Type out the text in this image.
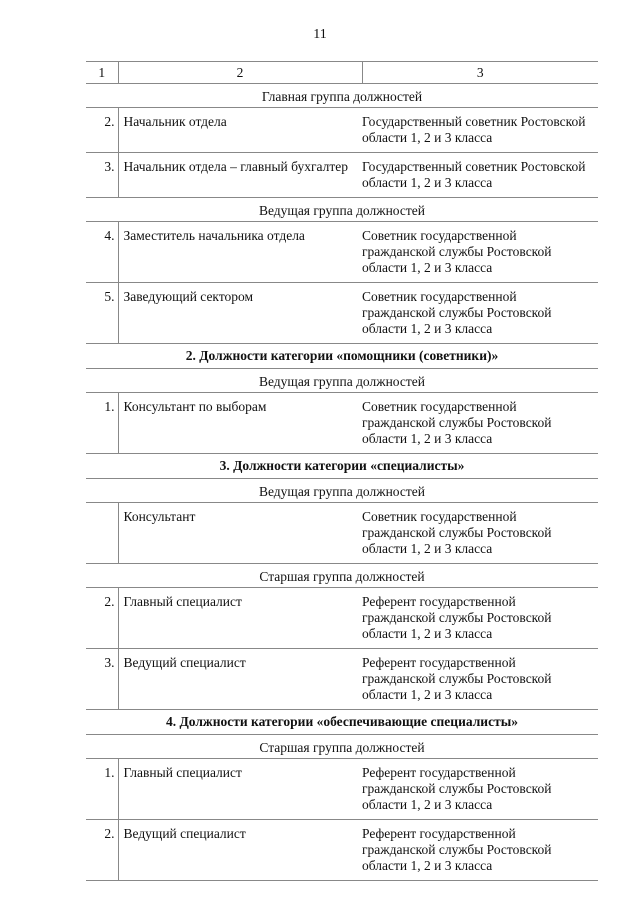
11
1	2	3
Главная группа должностей		
2.	Начальник отдела	Государственный советник Ростовской области 1, 2 и 3 класса
3.	Начальник отдела – главный бухгалтер	Государственный советник Ростовской области 1, 2 и 3 класса
Ведущая группа должностей		
4.	Заместитель начальника отдела	Советник государственной гражданской службы Ростовской области 1, 2 и 3 класса
5.	Заведующий сектором	Советник государственной гражданской службы Ростовской области 1, 2 и 3 класса
2. Должности категории «помощники (советники)»		
Ведущая группа должностей		
1.	Консультант по выборам	Советник государственной гражданской службы Ростовской области 1, 2 и 3 класса
3. Должности категории «специалисты»		
Ведущая группа должностей		
	Консультант	Советник государственной гражданской службы Ростовской области 1, 2 и 3 класса
Старшая группа должностей		
2.	Главный специалист	Референт государственной гражданской службы Ростовской области 1, 2 и 3 класса
3.	Ведущий специалист	Референт государственной гражданской службы Ростовской области 1, 2 и 3 класса
4. Должности категории «обеспечивающие специалисты»		
Старшая группа должностей		
1.	Главный специалист	Референт государственной гражданской службы Ростовской области 1, 2 и 3 класса
2.	Ведущий специалист	Референт государственной гражданской службы Ростовской области 1, 2 и 3 класса
